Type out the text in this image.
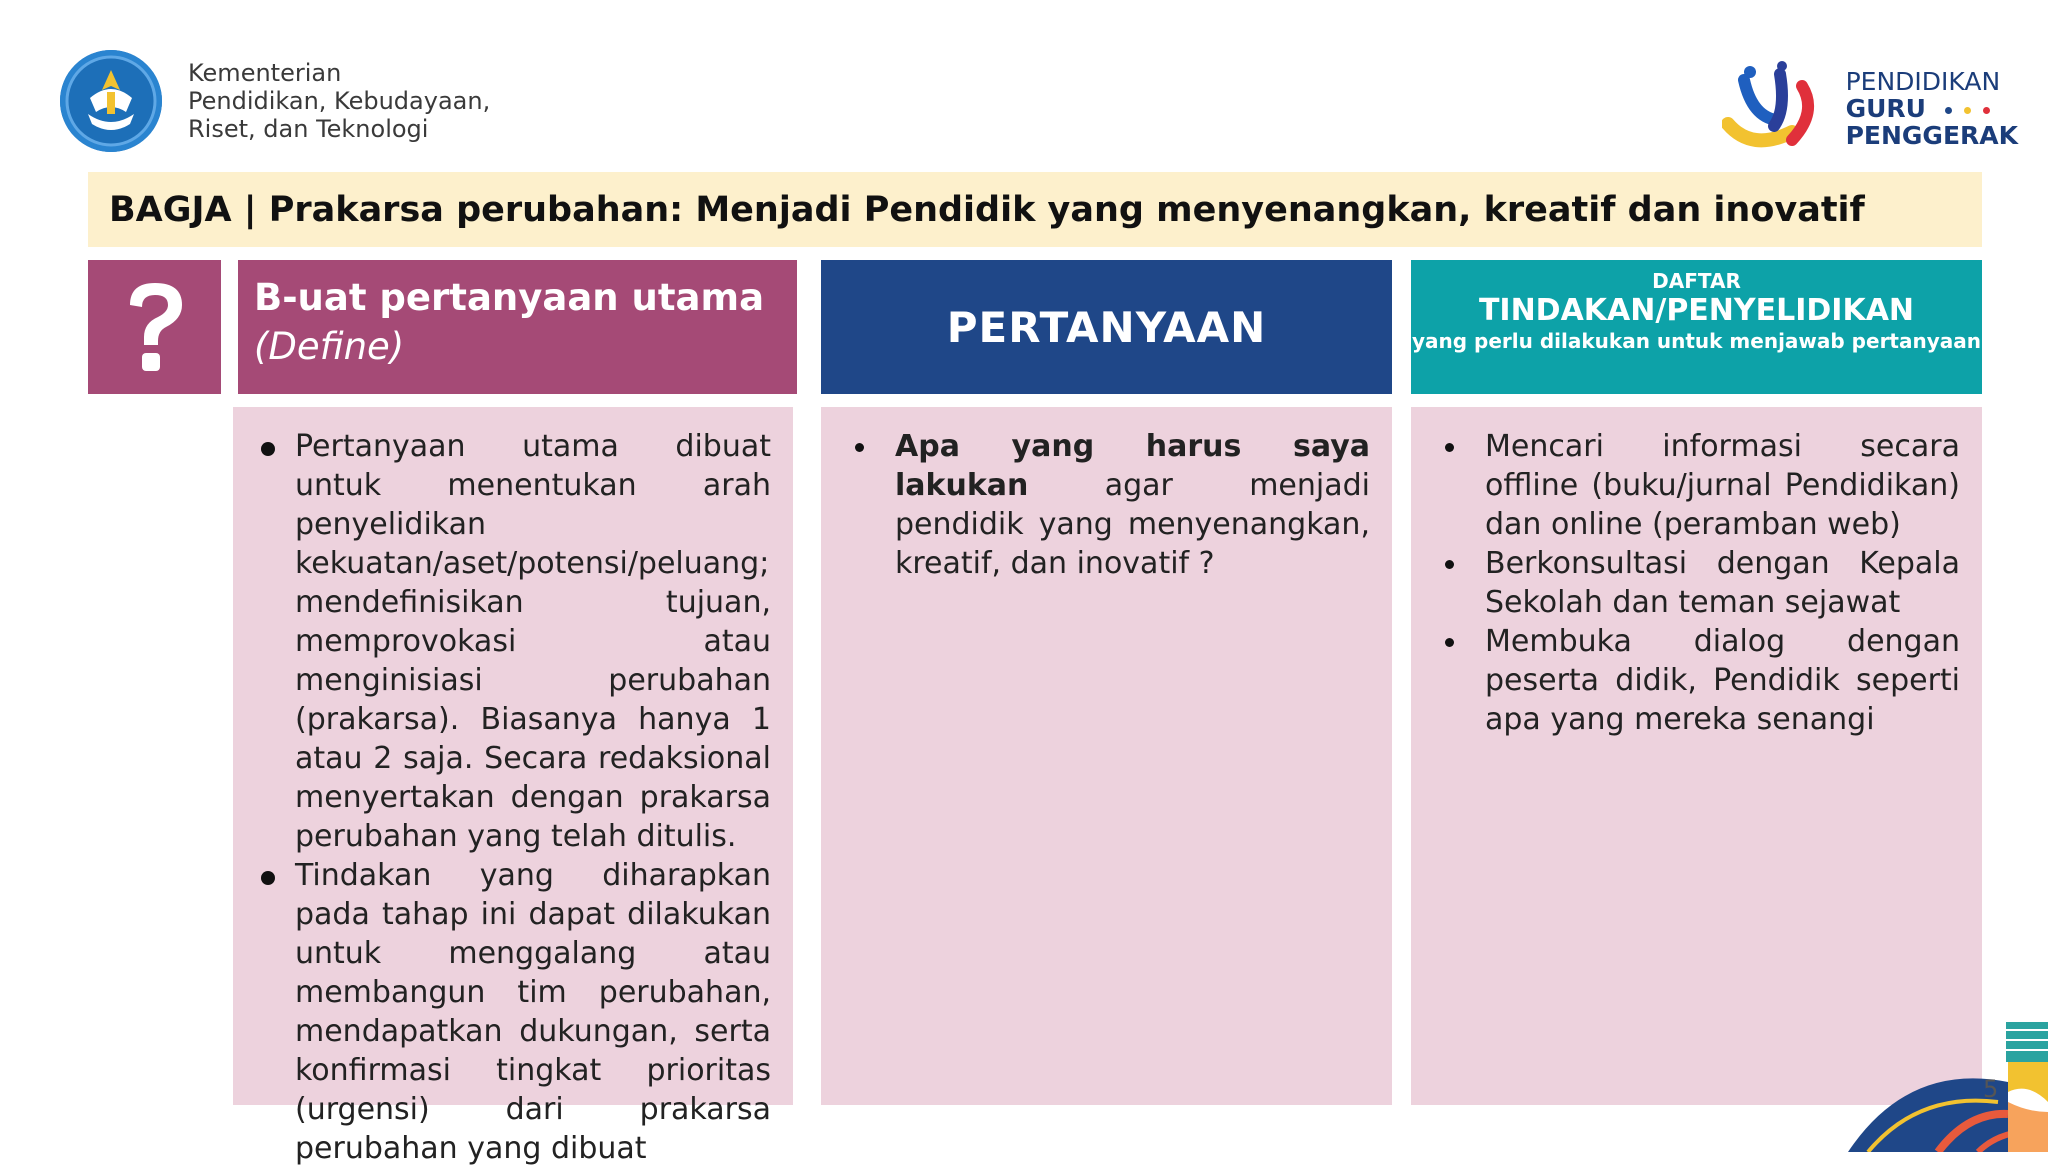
Kementerian
Pendidikan, Kebudayaan,
Riset, dan Teknologi
PENDIDIKAN
GURU
PENGGERAK
BAGJA | Prakarsa perubahan: Menjadi Pendidik yang menyenangkan, kreatif dan inovatif
B-uat pertanyaan utama
(Define)	PERTANYAAN
DAFTAR
TINDAKAN/PENYELIDIKAN
yang perlu dilakukan untuk menjawab pertanyaan
Pertanyaan utama dibuat untuk menentukan arah penyelidikan kekuatan/aset/potensi/peluang; mendefinisikan tujuan, memprovokasi atau menginisiasi perubahan (prakarsa). Biasanya hanya 1 atau 2 saja. Secara redaksional menyertakan dengan prakarsa perubahan yang telah ditulis.
Tindakan yang diharapkan pada tahap ini dapat dilakukan untuk menggalang atau membangun tim perubahan, mendapatkan dukungan, serta konfirmasi tingkat prioritas (urgensi) dari prakarsa perubahan yang dibuat
Apa yang harus saya lakukan agar menjadi pendidik yang menyenangkan, kreatif, dan inovatif ?
Mencari informasi secara offline (buku/jurnal Pendidikan) dan online (peramban web)
Berkonsultasi dengan Kepala Sekolah dan teman sejawat
Membuka dialog dengan peserta didik, Pendidik seperti apa yang mereka senangi
5
